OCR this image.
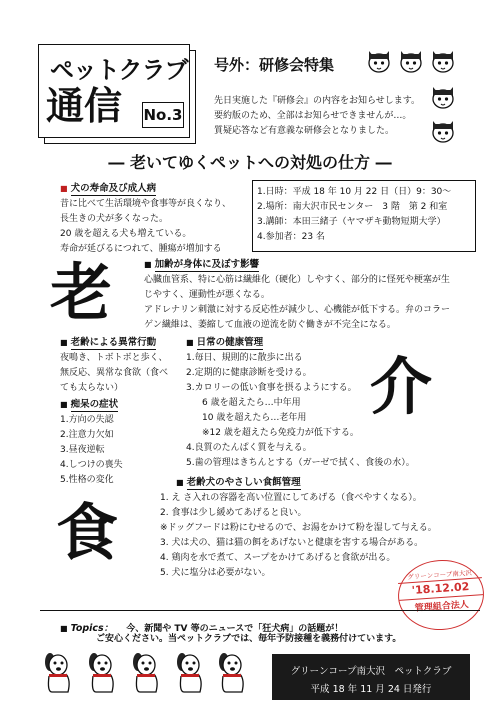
ペットクラブ
通信 No.3
号外：研修会特集
先日実施した『研修会』の内容をお知らせします。
要約版のため、全部はお知らせできませんが…。
質疑応答など有意義な研修会となりました。
― 老いてゆくペットへの対処の仕方 ―
老
介
食
■ 犬の寿命及び成人病
昔に比べて生活環境や食事等が良くなり、
長生きの犬が多くなった。
20 歳を超える犬も増えている。
寿命が延びるにつれて、腫瘍が増加する
1.日時：平成 18 年 10 月 22 日（日）9：30～
2.場所：南大沢市民センター　3 階　第 2 和室
3.講師：本田三緒子（ヤマザキ動物短期大学）
4.参加者：23 名
■ 加齢が身体に及ぼす影響
心臓血管系、特に心筋は繊維化（硬化）しやすく、部分的に怪死や梗塞が生
じやすく、運動性が悪くなる。
アドレナリン刺激に対する反応性が減少し、心機能が低下する。弁のコラー
ゲン繊維は、萎縮して血液の逆流を防ぐ働きが不完全になる。
■ 老齢による異常行動
夜鳴き、トボトボと歩く、
無反応、異常な食欲（食べ
ても太らない）
■ 痴呆の症状
1.方向の失認
2.注意力欠如
3.昼夜逆転
4.しつけの喪失
5.性格の変化
■ 日常の健康管理
1.毎日、規則的に散歩に出る
2.定期的に健康診断を受ける。
3.カロリーの低い食事を摂るようにする。
6 歳を超えたら…中年用
10 歳を超えたら…老年用
※12 歳を超えたら免疫力が低下する。
4.良質のたんぱく質を与える。
5.歯の管理はきちんとする（ガーゼで拭く、食後の水）。
■ 老齢犬のやさしい食餌管理
1. え さ入れの容器を高い位置にしてあげる（食べやすくなる）。
2. 食事は少し緩めてあげると良い。
※ドッグフードは粉にむせるので、お湯をかけて粉を湿して与える。
3. 犬は犬の、猫は猫の餌をあげないと健康を害する場合がある。
4. 鶏肉を水で煮て、スープをかけてあげると食欲が出る。
5. 犬に塩分は必要がない。	グリーンコープ南大沢
'18.12.02
管理組合法人
■ Topics： 今、新聞や TV 等のニュースで「狂犬病」の話題が！
ご安心ください。当ペットクラブでは、毎年予防接種を義務付けています。
グリーンコープ南大沢　ペットクラブ
平成 18 年 11 月 24 日発行
